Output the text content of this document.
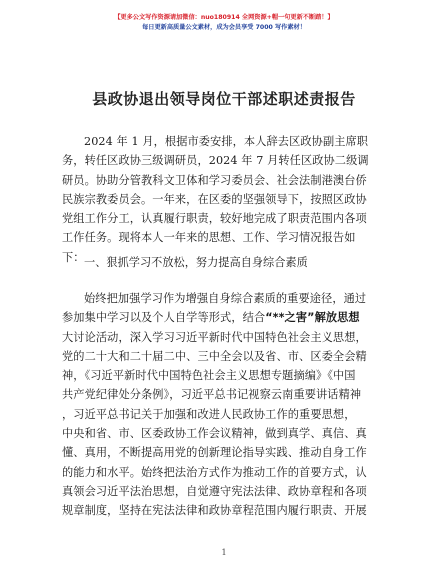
【更多公文写作资源请加微信：nuo180914 全网资源+帽一句更新不断踏！】
每日更新高质量公文素材，成为会员享受 7000 写作素材！
县政协退出领导岗位干部述职述责报告
2024 年 1 月，根据市委安排，本人辞去区政协副主席职
务，转任区政协三级调研员，2024 年 7 月转任区政协二级调
研员。协助分管教科文卫体和学习委员会、社会法制港澳台侨
民族宗教委员会。一年来，在区委的坚强领导下，按照区政协
党组工作分工，认真履行职责，较好地完成了职责范围内各项
工作任务。现将本人一年来的思想、工作、学习情况报告如
下： 一、狠抓学习不放松，努力提高自身综合素质
始终把加强学习作为增强自身综合素质的重要途径，通过
参加集中学习以及个人自学等形式，结合“**之害”解放思想
大讨论活动，深入学习习近平新时代中国特色社会主义思想，
党的二十大和二十届二中、三中全会以及省、市、区委全会精
神，《习近平新时代中国特色社会主义思想专题摘编》《中国
共产党纪律处分条例》，习近平总书记视察云南重要讲话精神
，习近平总书记关于加强和改进人民政协工作的重要思想，
中央和省、市、区委政协工作会议精神，做到真学、真信、真
懂、真用，不断提高用党的创新理论指导实践、推动自身工作
的能力和水平。始终把法治方式作为推动工作的首要方式，认
真领会习近平法治思想，自觉遵守宪法法律、政协章程和各项
规章制度，坚持在宪法法律和政协章程范围内履行职责、开展
1
